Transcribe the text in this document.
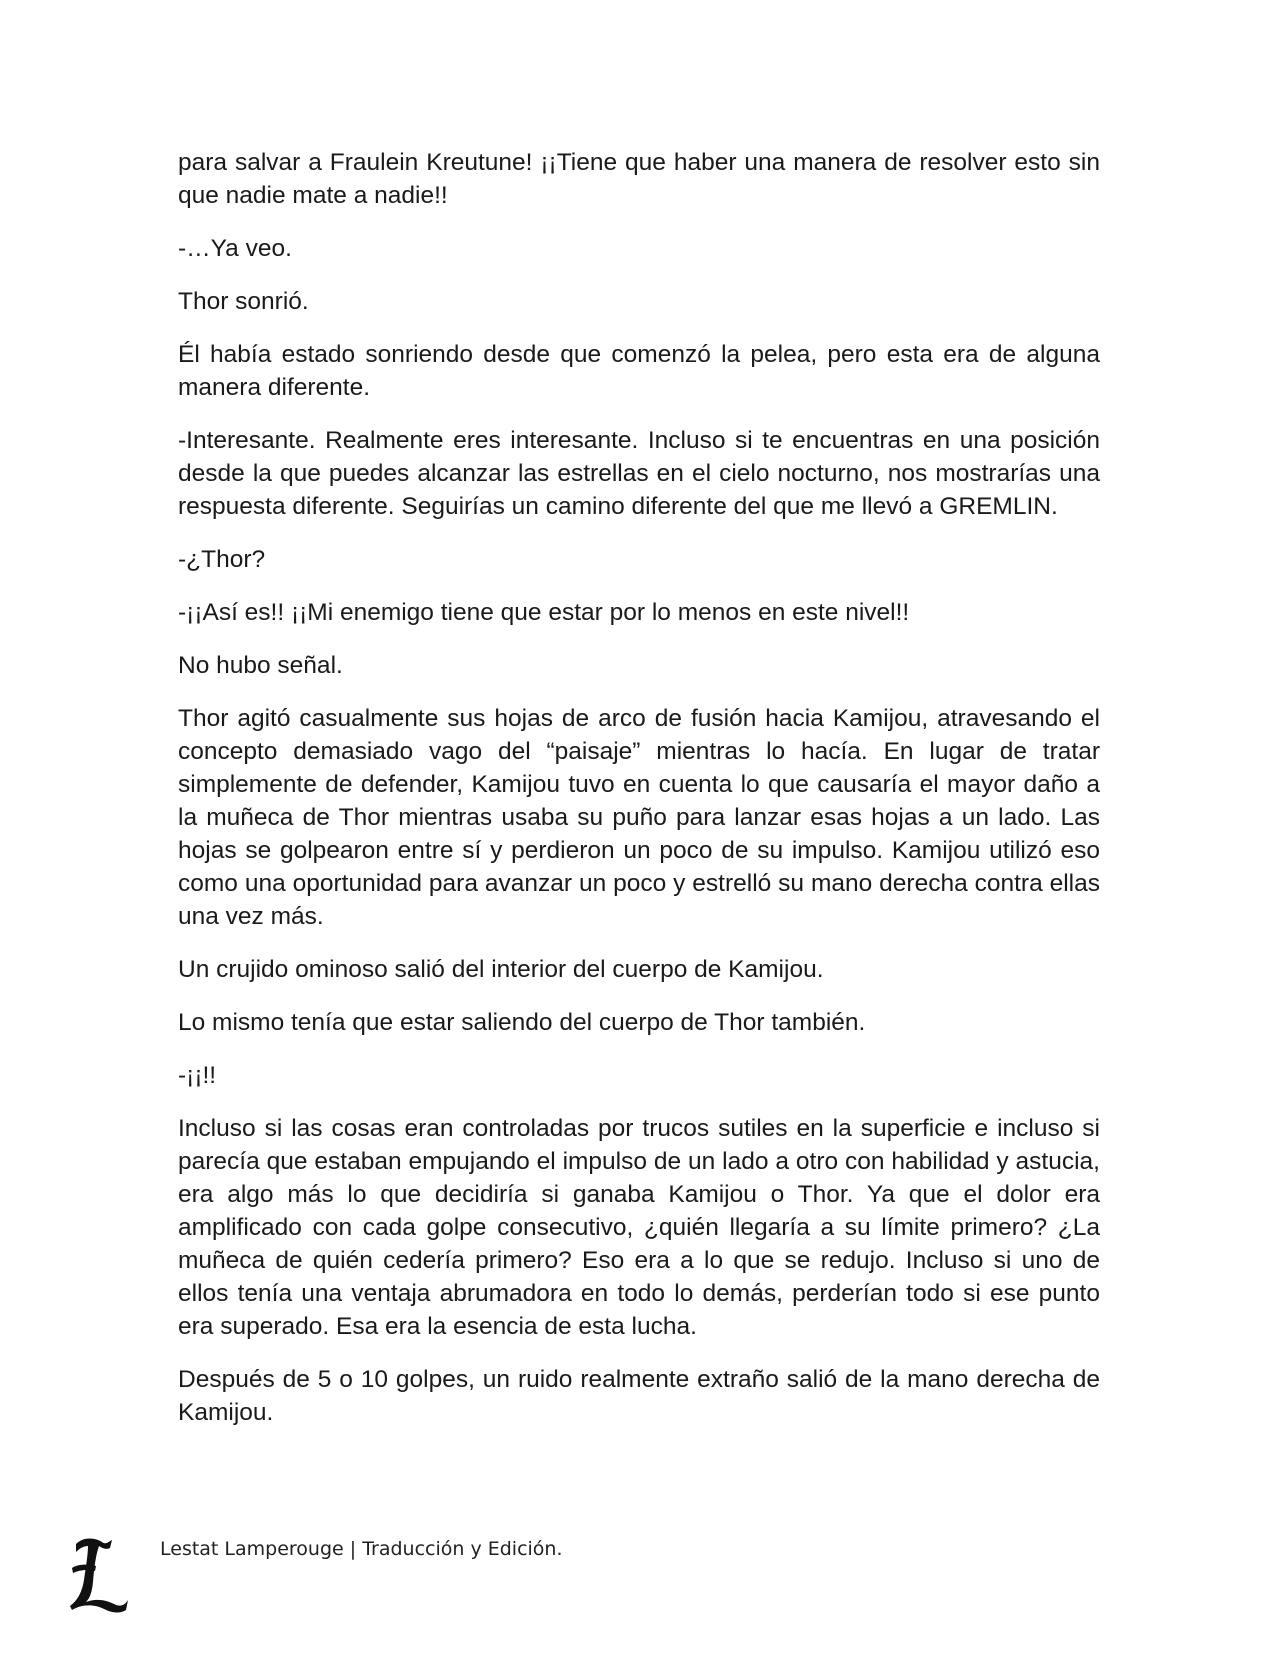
para salvar a Fraulein Kreutune! ¡¡Tiene que haber una manera de resolver esto sin que nadie mate a nadie!!

-…Ya veo.

Thor sonrió.

Él había estado sonriendo desde que comenzó la pelea, pero esta era de alguna manera diferente.

-Interesante. Realmente eres interesante. Incluso si te encuentras en una posición desde la que puedes alcanzar las estrellas en el cielo nocturno, nos mostrarías una respuesta diferente. Seguirías un camino diferente del que me llevó a GREMLIN.

-¿Thor?

-¡¡Así es!! ¡¡Mi enemigo tiene que estar por lo menos en este nivel!!

No hubo señal.

Thor agitó casualmente sus hojas de arco de fusión hacia Kamijou, atravesando el concepto demasiado vago del “paisaje” mientras lo hacía. En lugar de tratar simplemente de defender, Kamijou tuvo en cuenta lo que causaría el mayor daño a la muñeca de Thor mientras usaba su puño para lanzar esas hojas a un lado. Las hojas se golpearon entre sí y perdieron un poco de su impulso. Kamijou utilizó eso como una oportunidad para avanzar un poco y estrelló su mano derecha contra ellas una vez más.

Un crujido ominoso salió del interior del cuerpo de Kamijou.

Lo mismo tenía que estar saliendo del cuerpo de Thor también.

-¡¡!!

Incluso si las cosas eran controladas por trucos sutiles en la superficie e incluso si parecía que estaban empujando el impulso de un lado a otro con habilidad y astucia, era algo más lo que decidiría si ganaba Kamijou o Thor. Ya que el dolor era amplificado con cada golpe consecutivo, ¿quién llegaría a su límite primero? ¿La muñeca de quién cedería primero? Eso era a lo que se redujo. Incluso si uno de ellos tenía una ventaja abrumadora en todo lo demás, perderían todo si ese punto era superado. Esa era la esencia de esta lucha.

Después de 5 o 10 golpes, un ruido realmente extraño salió de la mano derecha de Kamijou.

Lestat Lamperouge | Traducción y Edición.
